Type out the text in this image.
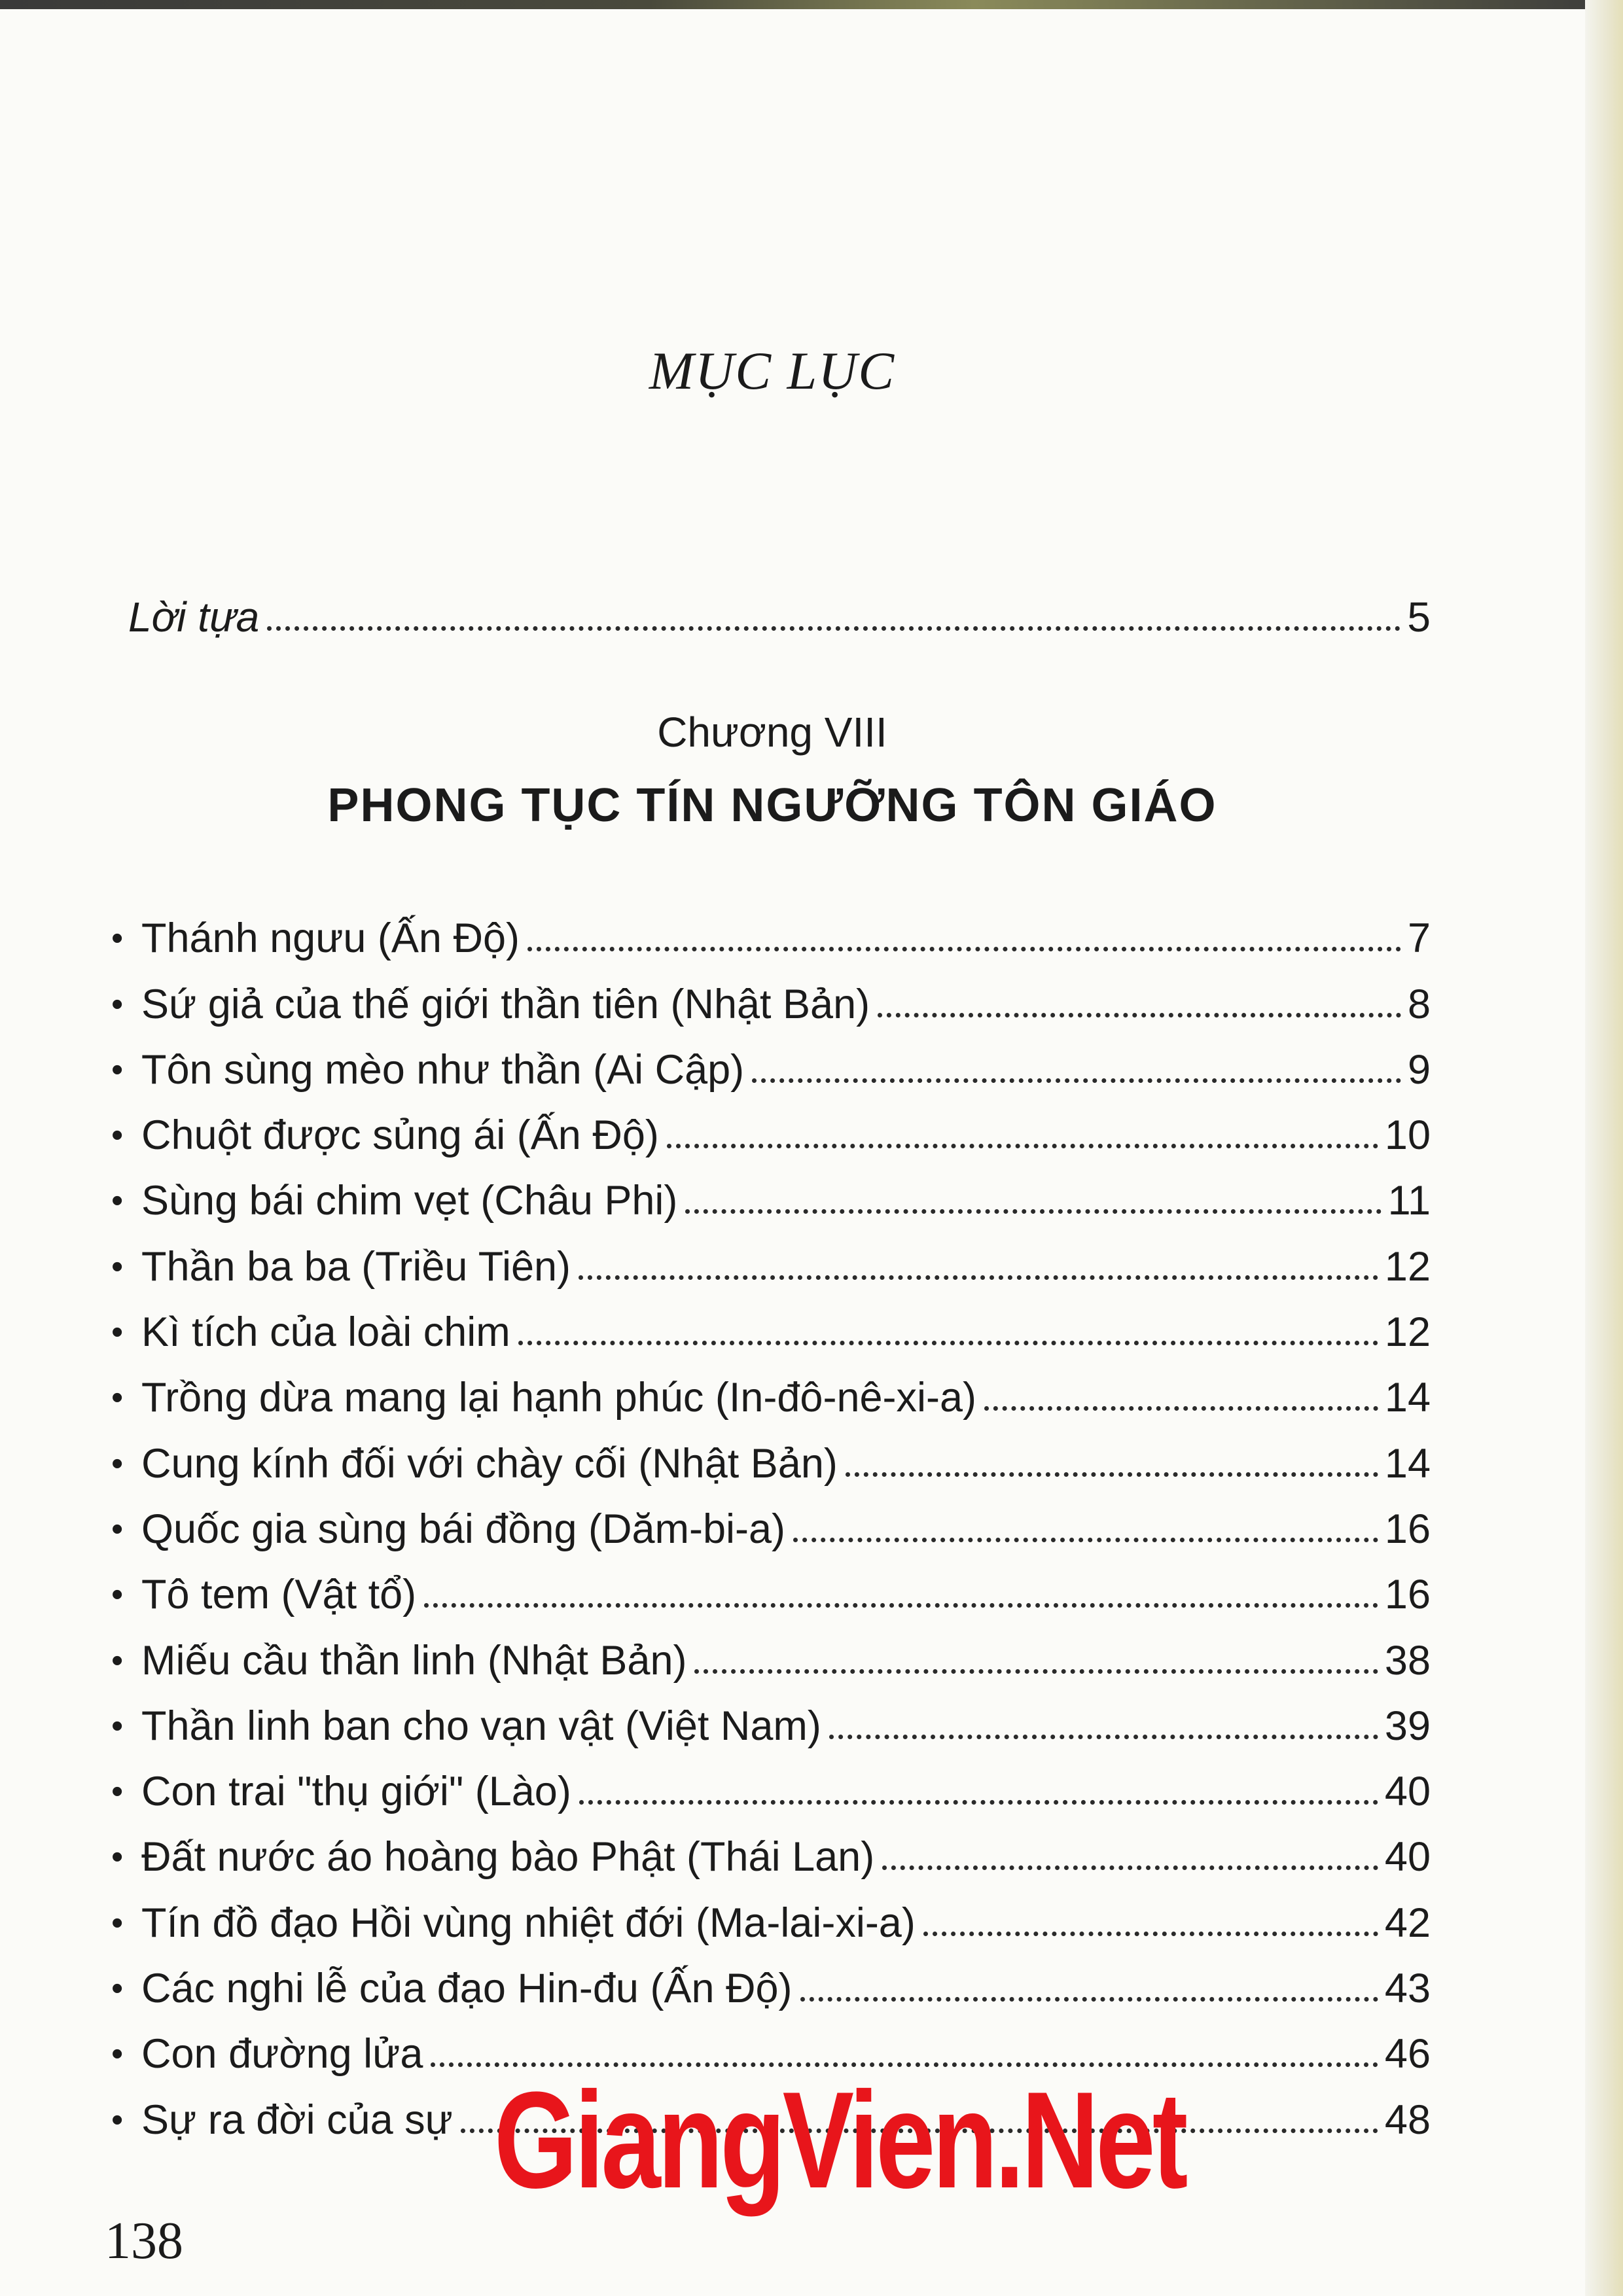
MỤC LỤC
Lời tựa	5
Chương VIII
PHONG TỤC TÍN NGƯỠNG TÔN GIÁO
• Thánh ngưu (Ấn Độ)	7
• Sứ giả của thế giới thần tiên (Nhật Bản)	8
• Tôn sùng mèo như thần (Ai Cập)	9
• Chuột được sủng ái (Ấn Độ)	10
• Sùng bái chim vẹt (Châu Phi)	11
• Thần ba ba (Triều Tiên)	12
• Kì tích của loài chim	12
• Trồng dừa mang lại hạnh phúc (In-đô-nê-xi-a)	14
• Cung kính đối với chày cối (Nhật Bản)	14
• Quốc gia sùng bái đồng (Dăm-bi-a)	16
• Tô tem (Vật tổ)	16
• Miếu cầu thần linh (Nhật Bản)	38
• Thần linh ban cho vạn vật (Việt Nam)	39
• Con trai "thụ giới" (Lào)	40
• Đất nước áo hoàng bào Phật (Thái Lan)	40
• Tín đồ đạo Hồi vùng nhiệt đới (Ma-lai-xi-a)	42
• Các nghi lễ của đạo Hin-đu (Ấn Độ)	43
• Con đường lửa	46
• Sự ra đời của sự	48
GiangVien.Net
138
